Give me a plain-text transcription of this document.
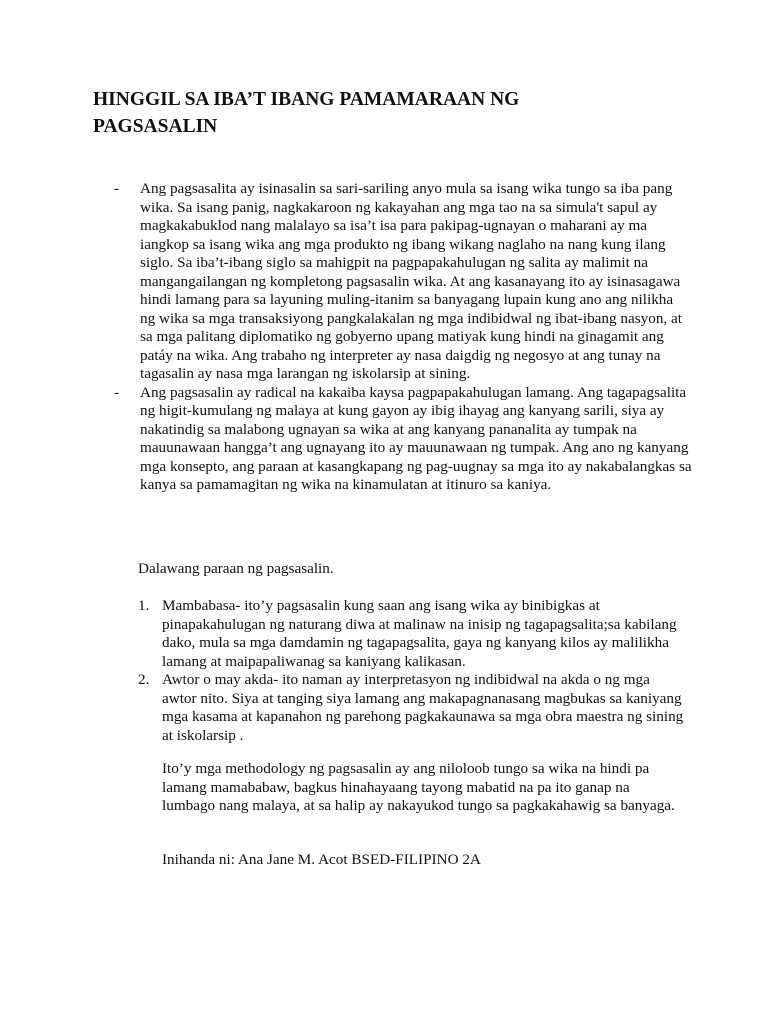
HINGGIL SA IBA’T IBANG PAMAMARAAN NG
PAGSASALIN
- Ang pagsasalita ay isinasalin sa sari-sariling anyo mula sa isang wika tungo sa iba pang wika. Sa isang panig, nagkakaroon ng kakayahan ang mga tao na sa simula't sapul ay magkakabuklod nang malalayo sa isa’t isa para pakipag-ugnayan o maharani ay ma iangkop sa isang wika ang mga produkto ng ibang wikang naglaho na nang kung ilang siglo. Sa iba’t-ibang siglo sa mahigpit na pagpapakahulugan ng salita ay malimit na mangangailangan ng kompletong pagsasalin wika. At ang kasanayang ito ay isinasagawa hindi lamang para sa layuning muling-itanim sa banyagang lupain kung ano ang nilikha ng wika sa mga transaksiyong pangkalakalan ng mga indibidwal ng ibat-ibang nasyon, at sa mga palitang diplomatiko ng gobyerno upang matiyak kung hindi na ginagamit ang patáy na wika. Ang trabaho ng interpreter ay nasa daigdig ng negosyo at ang tunay na tagasalin ay nasa mga larangan ng iskolarsip at sining.
- Ang pagsasalin ay radical na kakaiba kaysa pagpapakahulugan lamang. Ang tagapagsalita ng higit-kumulang ng malaya at kung gayon ay ibig ihayag ang kanyang sarili, siya ay nakatindig sa malabong ugnayan sa wika at ang kanyang pananalita ay tumpak na mauunawaan hangga’t ang ugnayang ito ay mauunawaan ng tumpak. Ang ano ng kanyang mga konsepto, ang paraan at kasangkapang ng pag-uugnay sa mga ito ay nakabalangkas sa kanya sa pamamagitan ng wika na kinamulatan at itinuro sa kaniya.

Dalawang paraan ng pagsasalin.

1. Mambabasa- ito’y pagsasalin kung saan ang isang wika ay binibigkas at pinapakahulugan ng naturang diwa at malinaw na inisip ng tagapagsalita;sa kabilang dako, mula sa mga damdamin ng tagapagsalita, gaya ng kanyang kilos ay malilikha lamang at maipapaliwanag sa kaniyang kalikasan.
2. Awtor o may akda- ito naman ay interpretasyon ng indibidwal na akda o ng mga awtor nito. Siya at tanging siya lamang ang makapagnanasang magbukas sa kaniyang mga kasama at kapanahon ng parehong pagkakaunawa sa mga obra maestra ng sining at iskolarsip .

Ito’y mga methodology ng pagsasalin ay ang niloloob tungo sa wika na hindi pa lamang mamababaw, bagkus hinahayaang tayong mabatid na pa ito ganap na lumbago nang malaya, at sa halip ay nakayukod tungo sa pagkakahawig sa banyaga.

Inihanda ni: Ana Jane M. Acot BSED-FILIPINO 2A
